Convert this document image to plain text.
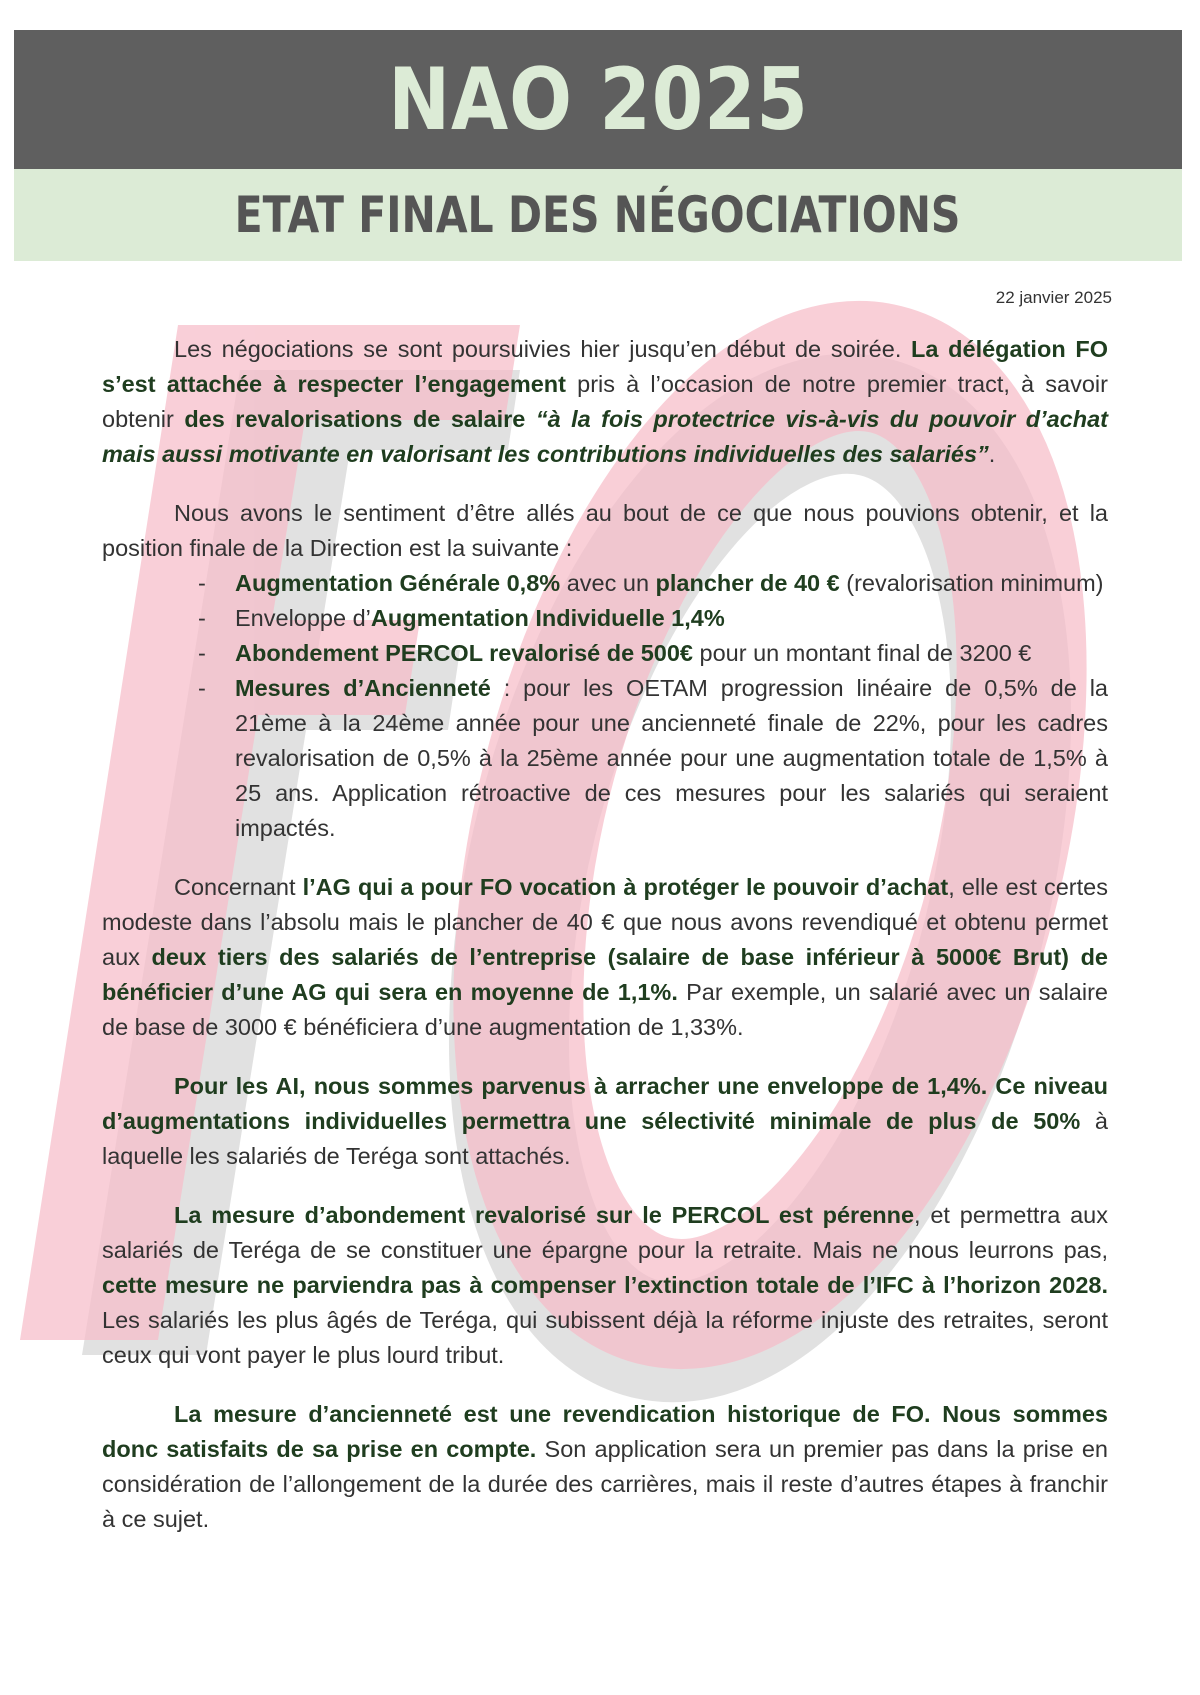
NAO 2025
ETAT FINAL DES NÉGOCIATIONS
22 janvier 2025

Les négociations se sont poursuivies hier jusqu’en début de soirée. La délégation FO s’est attachée à respecter l’engagement pris à l’occasion de notre premier tract, à savoir obtenir des revalorisations de salaire “à la fois protectrice vis-à-vis du pouvoir d’achat mais aussi motivante en valorisant les contributions individuelles des salariés”.

Nous avons le sentiment d’être allés au bout de ce que nous pouvions obtenir, et la position finale de la Direction est la suivante :

- Augmentation Générale 0,8% avec un plancher de 40 € (revalorisation minimum)
- Enveloppe d’Augmentation Individuelle 1,4%
- Abondement PERCOL revalorisé de 500€ pour un montant final de 3200 €
- Mesures d’Ancienneté : pour les OETAM progression linéaire de 0,5% de la 21ème à la 24ème année pour une ancienneté finale de 22%, pour les cadres revalorisation de 0,5% à la 25ème année pour une augmentation totale de 1,5% à 25 ans. Application rétroactive de ces mesures pour les salariés qui seraient impactés.

Concernant l’AG qui a pour FO vocation à protéger le pouvoir d’achat, elle est certes modeste dans l’absolu mais le plancher de 40 € que nous avons revendiqué et obtenu permet aux deux tiers des salariés de l’entreprise (salaire de base inférieur à 5000€ Brut) de bénéficier d’une AG qui sera en moyenne de 1,1%. Par exemple, un salarié avec un salaire de base de 3000 € bénéficiera d’une augmentation de 1,33%.

Pour les AI, nous sommes parvenus à arracher une enveloppe de 1,4%. Ce niveau d’augmentations individuelles permettra une sélectivité minimale de plus de 50% à laquelle les salariés de Teréga sont attachés.

La mesure d’abondement revalorisé sur le PERCOL est pérenne, et permettra aux salariés de Teréga de se constituer une épargne pour la retraite. Mais ne nous leurrons pas, cette mesure ne parviendra pas à compenser l’extinction totale de l’IFC à l’horizon 2028. Les salariés les plus âgés de Teréga, qui subissent déjà la réforme injuste des retraites, seront ceux qui vont payer le plus lourd tribut.

La mesure d’ancienneté est une revendication historique de FO. Nous sommes donc satisfaits de sa prise en compte. Son application sera un premier pas dans la prise en considération de l’allongement de la durée des carrières, mais il reste d’autres étapes à franchir à ce sujet.
